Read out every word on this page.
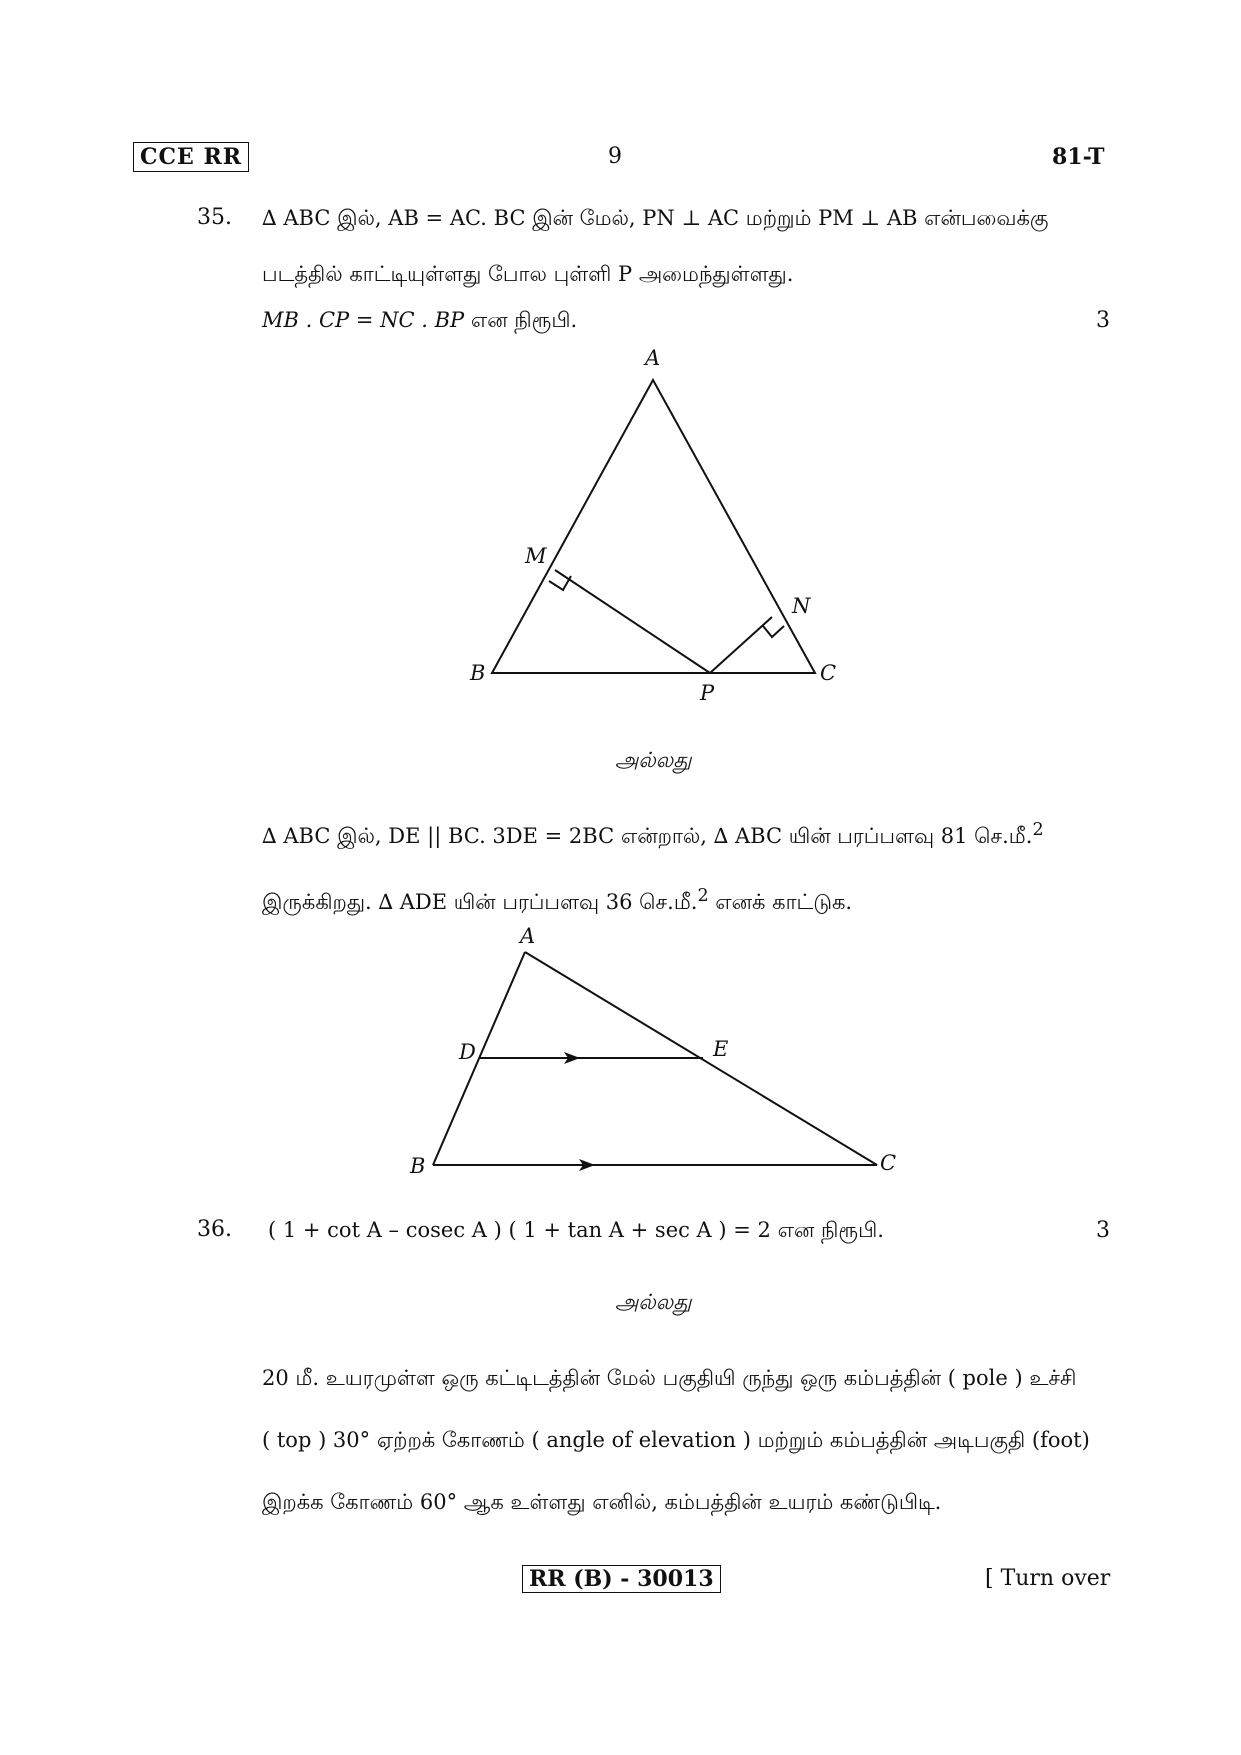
CCE RR	9	81-T
35. ∆ ABC இல், AB = AC. BC இன் மேல், PN ⊥ AC மற்றும் PM ⊥ AB என்பவைக்கு
படத்தில் காட்டியுள்ளது போல புள்ளி P அமைந்துள்ளது.
MB . CP = NC . BP என நிரூபி.	3
A
B	C
M
N
P
A
B	C
D	E
அல்லது
∆ ABC இல், DE || BC. 3DE = 2BC என்றால், ∆ ABC யின் பரப்பளவு 81 செ.மீ.$^2$
இருக்கிறது. ∆ ADE யின் பரப்பளவு 36 செ.மீ.$^2$ எனக் காட்டுக.
36. ( 1 + cot A – cosec A ) ( 1 + tan A + sec A ) = 2 என நிரூபி.	3
அல்லது
20 மீ. உயரமுள்ள ஒரு கட்டிடத்தின் மேல் பகுதியி ருந்து ஒரு கம்பத்தின் ( pole ) உச்சி
( top ) 30° ஏற்றக் கோணம் ( angle of elevation ) மற்றும் கம்பத்தின் அடிபகுதி (foot)
இறக்க கோணம் 60° ஆக உள்ளது எனில், கம்பத்தின் உயரம் கண்டுபிடி.
RR (B) - 30013	[ Turn over
